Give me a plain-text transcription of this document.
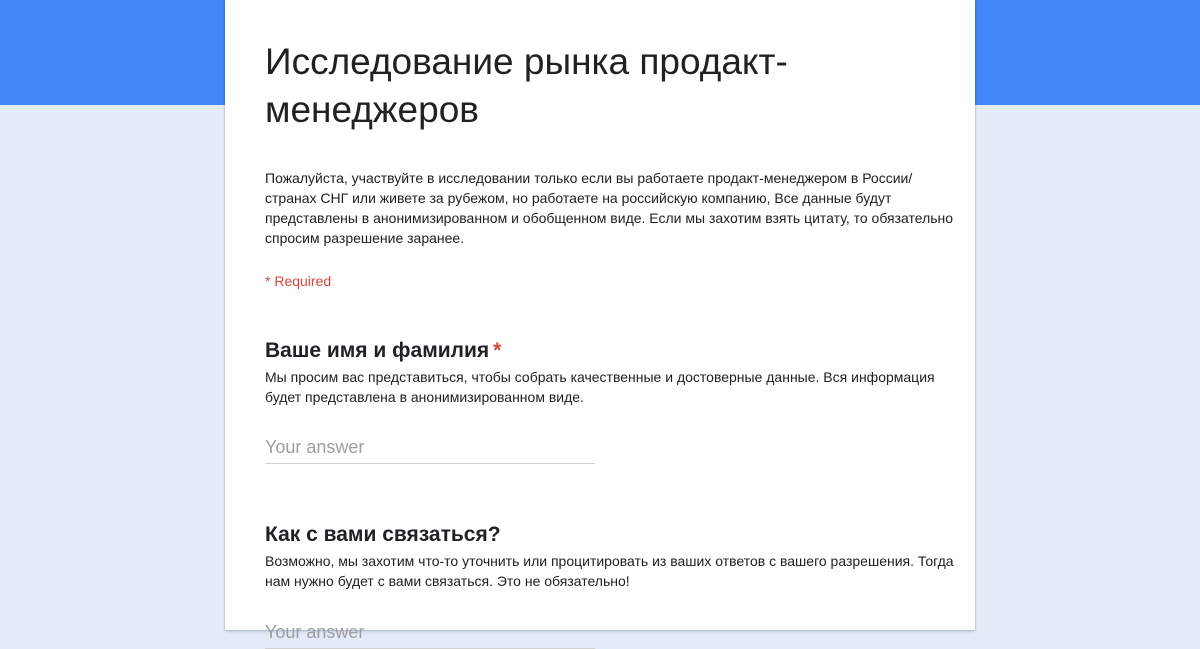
Исследование рынка продакт-менеджеров

Пожалуйста, участвуйте в исследовании только если вы работаете продакт-менеджером в России/странах СНГ или живете за рубежом, но работаете на российскую компанию, Все данные будут представлены в анонимизированном и обобщенном виде. Если мы захотим взять цитату, то обязательно спросим разрешение заранее.

* Required
Ваше имя и фамилия *

Мы просим вас представиться, чтобы собрать качественные и достоверные данные. Вся информация будет представлена в анонимизированном виде.

Your answer
Как с вами связаться?

Возможно, мы захотим что-то уточнить или процитировать из ваших ответов с вашего разрешения. Тогда нам нужно будет с вами связаться. Это не обязательно!

Your answer
